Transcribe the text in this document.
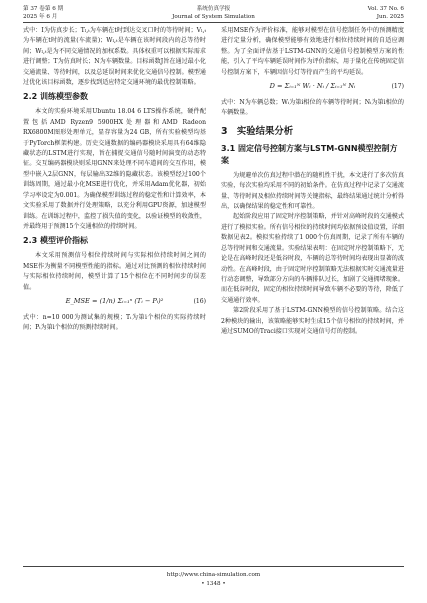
第 37 卷第 6 期
2025 年 6 月
系统仿真学报
Journal of System Simulation
Vol. 37 No. 6
Jun. 2025

式中：I为仿真步长；Tₗ,ₜ为车辆在t时到达交叉口时的等待时间；Vₗ,ₜ为车辆在t时的流量(车流量)；Wₗ,ₜ是车辆在该时间段内的总等待时间；Wₗ,ₜ是为不同交通情况的加权系数。具体权重可以根据实际需求进行调整；T为仿真时长；N为车辆数量。目标函数J旨在通过最小化交通流量、等待时间，以及总延误时间来优化交通信号控制。模型通过优化该目标函数，逐步找到适应特定交通环境的最优控制策略。

2.2 训练模型参数

本文的实验环境采用Ubuntu 18.04 6 LTS操作系统，硬件配置包括AMD Ryzen9 5900HX处理器和AMD Radeon RX6800M图形处理单元，显存容量为24 GB，所有实验模型均基于PyTorch框架构建。历史交通数据的编码器模块采用具有64维隐藏状态的LSTM进行实现，旨在捕捉交通信号随时间演变的动态特征。交互编码器模块则采用GNN来处理不同车道间的交互作用，模型中嵌入2层GNN，每层输出32维的隐藏状态。该模型经过100个训练周期，通过最小化MSE进行优化，并采用Adam优化器，初始学习率设定为0.001。为确保模型训练过程的稳定性和计算效率，本文实验采用了数据并行处理策略，以充分利用GPU资源，加速模型训练。在训练过程中，监控了损失值的变化，以验证模型的收敛性，并最终用于预测15个交通相位的持续时间。

2.3 模型评价指标

本文采用预测信号相位持续时间与实际相位持续时间之间的MSE作为衡量不同模型性能的指标。通过对比预测的相位持续时间与实际相位持续时间，模型计算了15个相位在不同时间步的误差值。

E_MSE = (1/n) Σᵢ₌₁ⁿ (Tᵢ − Pᵢ)²	(16)

式中：n=10 000为测试集的规模；Tᵢ为第i个相位的实际持续时间；Pᵢ为第i个相位的预测持续时间。

采用MSE作为评价标准，能够对模型在信号控制任务中的预测精度进行定量分析，确保模型能够有效地进行相位持续时间的自适应调整。为了全面评估基于LSTM-GNN的交通信号控制模型方案的性能，引入了平均车辆延误时间作为评价指标，用于量化在传统固定信号控制方案下，车辆因信号灯等待而产生的平均延误。

D = Σᵢ₌₁ᴺ Wᵢ · Nᵢ / Σᵢ₌₁ᴺ Nᵢ	(17)

式中：N为车辆总数；Wᵢ为第i相位的车辆等待时间；Nᵢ为第i相位的车辆数量。

3　实验结果分析
3.1 固定信号控制方案与LSTM-GNN模型控制方案

为规避单次仿真过程中潜在的随机性干扰，本文进行了多次仿真实验，每次实验均采用不同的初始条件。在仿真过程中记录了交通流量、等待时间及相位持续时间等关键指标，最终结果通过统计分析得出，以确保结果的稳定性和可靠性。

起始阶段应用了固定时序控制策略，并针对高峰时段的交通模式进行了模拟实验。所有信号相位的持续时间均依据预设值设置，详细数据见表2。模拟实验持续了1 000个仿真周期，记录了所有车辆的总等待时间和交通流量。实验结果表明：在固定时序控制策略下，无论是在高峰时段还是低谷时段，车辆的总等待时间均表现出显著的波动性。在高峰时段，由于固定时序控制策略无法根据实时交通流量进行动态调整，导致部分方向的车辆排队过长，加剧了交通拥堵现象。而在低谷时段，固定的相位持续时间导致车辆不必要的等待，降低了交通通行效率。

第2阶段采用了基于LSTM-GNN模型的信号控制策略。结合这2种模块的输出，该策略能够实时生成15个信号相位的持续时间，并通过SUMO的Traci接口实现对交通信号灯的控制。

http://www.china-simulation.com
• 1348 •
